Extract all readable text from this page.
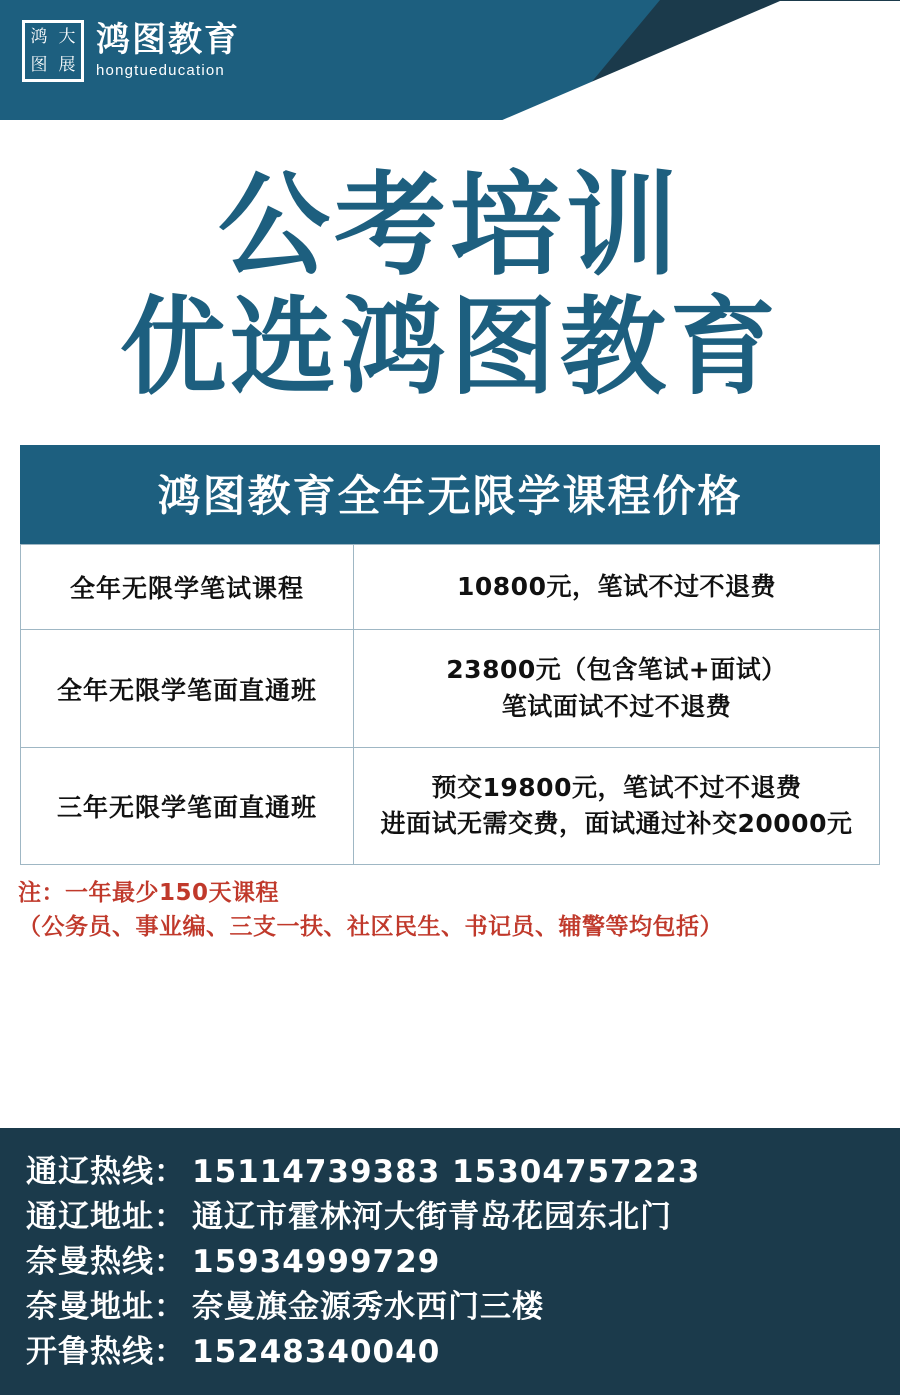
鸿 大
图 展
鸿图教育
hongtueducation
公考培训
优选鸿图教育
鸿图教育全年无限学课程价格
全年无限学笔试课程	10800元，笔试不过不退费
全年无限学笔面直通班	23800元（包含笔试+面试）
笔试面试不过不退费

三年无限学笔面直通班	预交19800元，笔试不过不退费
进面试无需交费，面试通过补交20000元
注：一年最少150天课程
（公务员、事业编、三支一扶、社区民生、书记员、辅警等均包括）
通辽热线： 15114739383 15304757223
通辽地址： 通辽市霍林河大街青岛花园东北门
奈曼热线： 15934999729
奈曼地址： 奈曼旗金源秀水西门三楼
开鲁热线： 15248340040
